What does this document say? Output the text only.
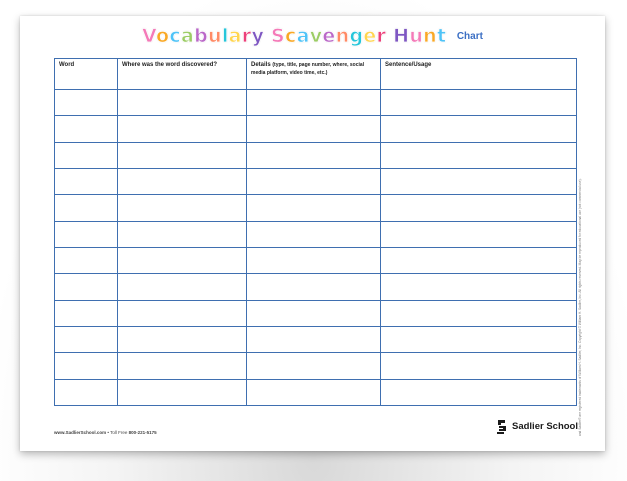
Vocabulary Scavenger Hunt Chart
Word	Where was the word discovered?	Details (type, title, page number, where, social media platform, video time, etc.)	Sentence/Usage

www.SadlierSchool.com • Toll Free 800-221-5175
Sadlier School and Sadlier® are registered trademarks of William H. Sadlier, Inc. Copyright © William H. Sadlier, Inc. All rights reserved. May be reproduced for educational use (not commercial use).
